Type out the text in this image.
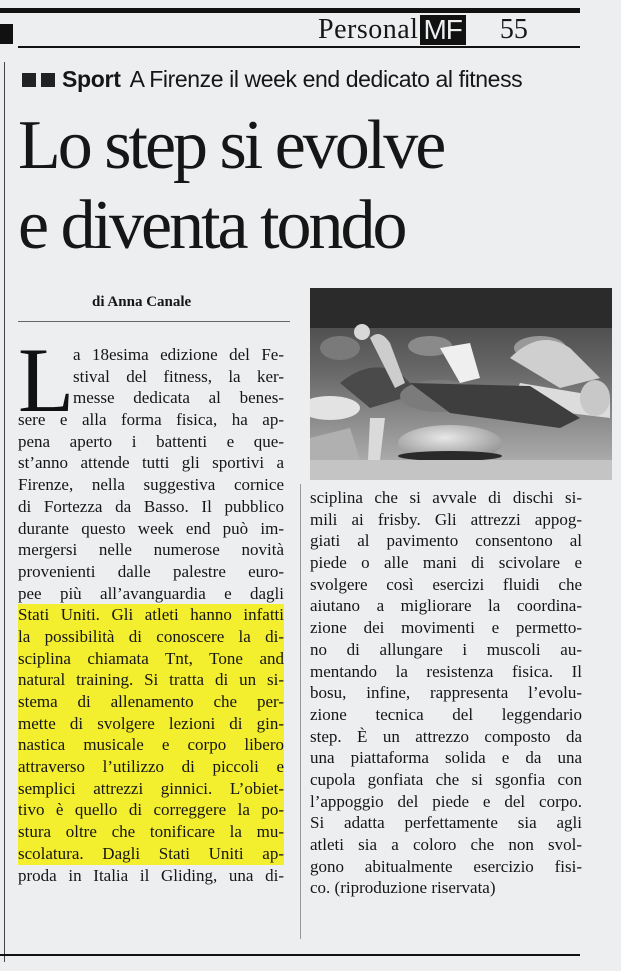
Personal MF 55
Sport A Firenze il week end dedicato al fitness
Lo step si evolve
e diventa tondo
di Anna Canale
L
a 18esima edizione del Fe-
stival del fitness, la ker-
messe dedicata al benes-
sere e alla forma fisica, ha ap-
pena aperto i battenti e que-
st’anno attende tutti gli sportivi a
Firenze, nella suggestiva cornice
di Fortezza da Basso. Il pubblico
durante questo week end può im-
mergersi nelle numerose novità
provenienti dalle palestre euro-
pee più all’avanguardia e dagli
Stati Uniti. Gli atleti hanno infatti
la possibilità di conoscere la di-
sciplina chiamata Tnt, Tone and
natural training. Si tratta di un si-
stema di allenamento che per-
mette di svolgere lezioni di gin-
nastica musicale e corpo libero
attraverso l’utilizzo di piccoli e
semplici attrezzi ginnici. L’obiet-
tivo è quello di correggere la po-
stura oltre che tonificare la mu-
scolatura. Dagli Stati Uniti ap-
proda in Italia il Gliding, una di-
sciplina che si avvale di dischi si-
mili ai frisby. Gli attrezzi appog-
giati al pavimento consentono al
piede o alle mani di scivolare e
svolgere così esercizi fluidi che
aiutano a migliorare la coordina-
zione dei movimenti e permetto-
no di allungare i muscoli au-
mentando la resistenza fisica. Il
bosu, infine, rappresenta l’evolu-
zione tecnica del leggendario
step. È un attrezzo composto da
una piattaforma solida e da una
cupola gonfiata che si sgonfia con
l’appoggio del piede e del corpo.
Si adatta perfettamente sia agli
atleti sia a coloro che non svol-
gono abitualmente esercizio fisi-
co. (riproduzione riservata)
